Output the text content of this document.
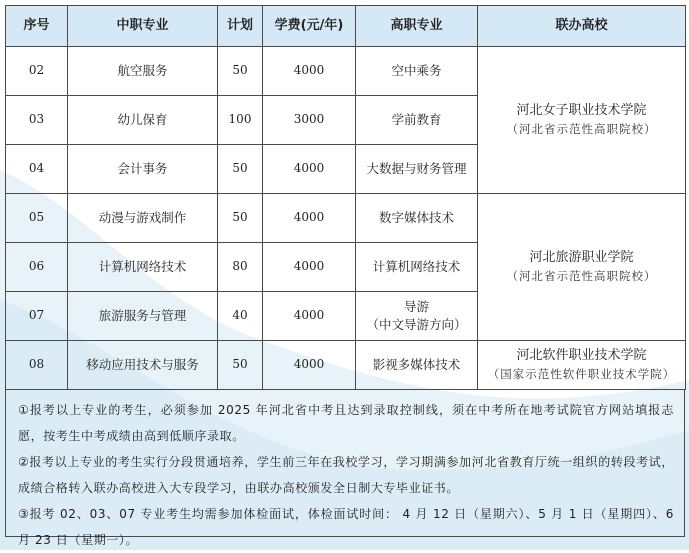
序号	中职专业	计划	学费(元/年)	高职专业	联办高校
02	航空服务	50	4000	空中乘务	河北女子职业技术学院
（河北省示范性高职院校）

03	幼儿保育	100	3000	学前教育	
04	会计事务	50	4000	大数据与财务管理	
05	动漫与游戏制作	50	4000	数字媒体技术	河北旅游职业学院
（河北省示范性高职院校）

06	计算机网络技术	80	4000	计算机网络技术	
07	旅游服务与管理	40	4000	导游
（中文导游方向）	

08	移动应用技术与服务	50	4000	影视多媒体技术	河北软件职业技术学院
（国家示范性软件职业技术学院）

①报考以上专业的考生，必须参加 2025 年河北省中考且达到录取控制线，须在中考所在地考试院官方网站填报志愿，按考生中考成绩由高到低顺序录取。

②报考以上专业的考生实行分段贯通培养，学生前三年在我校学习，学习期满参加河北省教育厅统一组织的转段考试，成绩合格转入联办高校进入大专段学习，由联办高校颁发全日制大专毕业证书。

③报考 02、03、07 专业考生均需参加体检面试，体检面试时间： 4 月 12 日（星期六）、5 月 1 日（星期四）、6 月 23 日（星期一）。
